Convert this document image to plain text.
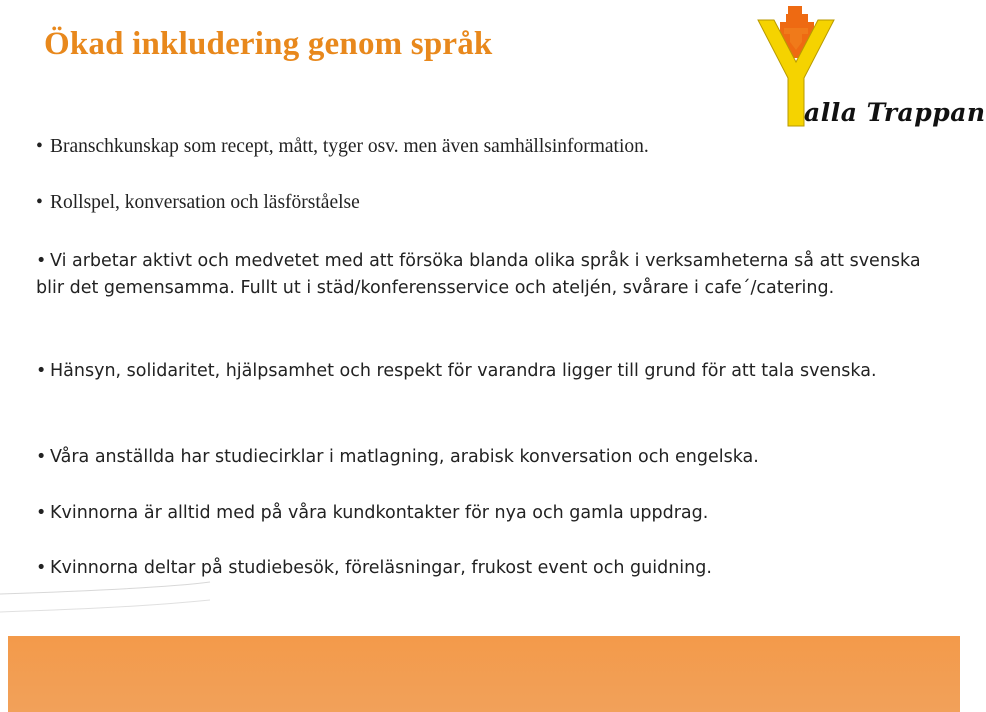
Ökad inkludering genom språk
alla Trappan
• Branschkunskap som recept, mått, tyger osv. men även samhällsinformation.
• Rollspel, konversation och läsförståelse
• Vi arbetar aktivt och medvetet med att försöka blanda olika språk i verksamheterna så att svenska blir det gemensamma. Fullt ut i städ/konferensservice och ateljén, svårare i cafe´/catering.
• Hänsyn, solidaritet, hjälpsamhet och respekt för varandra ligger till grund för att tala svenska.
• Våra anställda har studiecirklar i matlagning, arabisk konversation och engelska.
• Kvinnorna är alltid med på våra kundkontakter för nya och gamla uppdrag.
• Kvinnorna deltar på studiebesök, föreläsningar, frukost event och guidning.
